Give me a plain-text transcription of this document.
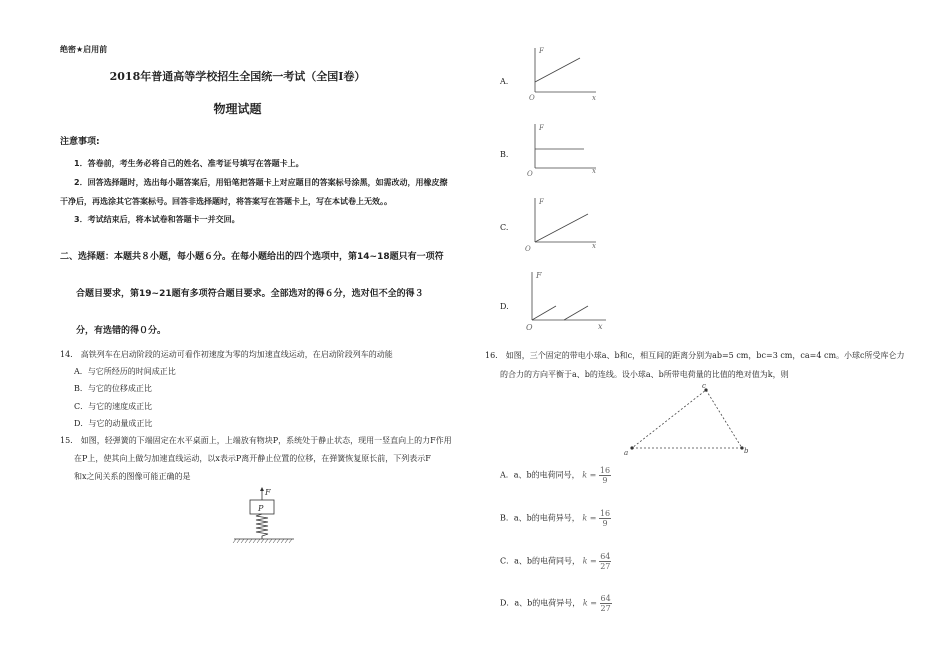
绝密★启用前
2018年普通高等学校招生全国统一考试（全国I卷）
物理试题
注意事项:
1．答卷前，考生务必将自己的姓名、准考证号填写在答题卡上。
2．回答选择题时，选出每小题答案后，用铅笔把答题卡上对应题目的答案标号涂黑，如需改动，用橡皮擦
干净后，再选涂其它答案标号。回答非选择题时，将答案写在答题卡上，写在本试卷上无效。。
3．考试结束后，将本试卷和答题卡一并交回。
二、选择题：本题共８小题，每小题６分。在每小题给出的四个选项中，第14~18题只有一项符
合题目要求，第19~21题有多项符合题目要求。全部选对的得６分，选对但不全的得３
分，有选错的得０分。
14.　高铁列车在启动阶段的运动可看作初速度为零的均加速直线运动，在启动阶段列车的动能
A．与它所经历的时间成正比
B．与它的位移成正比
C．与它的速度成正比
D．与它的动量成正比
15.　如图，轻弹簧的下端固定在水平桌面上，上端放有物块P，系统处于静止状态，现用一竖直向上的力F作用
在P上，使其向上做匀加速直线运动，以x表示P离开静止位置的位移，在弹簧恢复原长前，下列表示F
和x之间关系的图像可能正确的是
F
P
A.
F
x
O
B.
F
x
O
C.
F
x
O
D.
F
x
O
16.　如图，三个固定的带电小球a、b和c，相互间的距离分别为ab=5 cm，bc=3 cm，ca=4 cm。小球c所受库仑力
的合力的方向平衡于a、b的连线。设小球a、b所带电荷量的比值的绝对值为k，则
a	b
c
A．a、b的电荷同号， $k = \frac{16}{9}$
B．a、b的电荷异号， $k = \frac{16}{9}$
C．a、b的电荷同号， $k = \frac{64}{27}$
D．a、b的电荷异号， $k = \frac{64}{27}$
